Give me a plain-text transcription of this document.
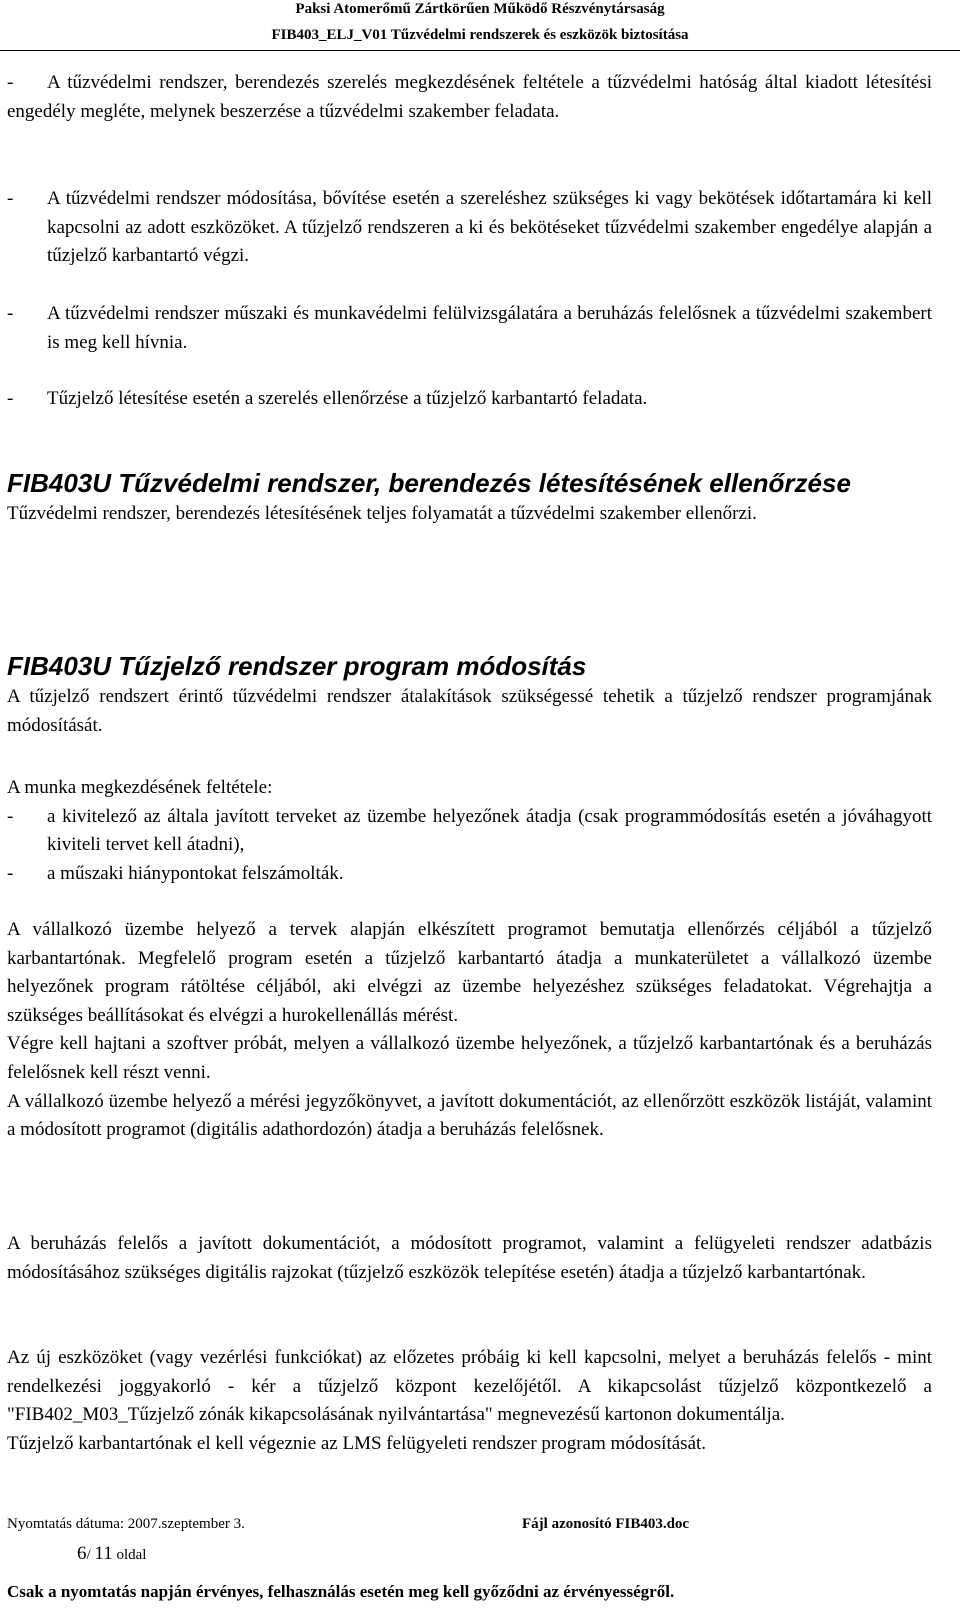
Paksi Atomerőmű Zártkörűen Működő Részvénytársaság
FIB403_ELJ_V01 Tűzvédelmi rendszerek és eszközök biztosítása
-	A tűzvédelmi rendszer, berendezés szerelés megkezdésének feltétele a tűzvédelmi hatóság által kiadott létesítési engedély megléte, melynek beszerzése a tűzvédelmi szakember feladata.
-	A tűzvédelmi rendszer módosítása, bővítése esetén a szereléshez szükséges ki vagy bekötések időtartamára ki kell kapcsolni az adott eszközöket. A tűzjelző rendszeren a ki és bekötéseket tűzvédelmi szakember engedélye alapján a tűzjelző karbantartó végzi.
-	A tűzvédelmi rendszer műszaki és munkavédelmi felülvizsgálatára a beruházás felelősnek a tűzvédelmi szakembert is meg kell hívnia.
-	Tűzjelző létesítése esetén a szerelés ellenőrzése a tűzjelző karbantartó feladata.
FIB403U Tűzvédelmi rendszer, berendezés létesítésének ellenőrzése

Tűzvédelmi rendszer, berendezés létesítésének teljes folyamatát a tűzvédelmi szakember ellenőrzi.

FIB403U Tűzjelző rendszer program módosítás

A tűzjelző rendszert érintő tűzvédelmi rendszer átalakítások szükségessé tehetik a tűzjelző rendszer programjának módosítását.

A munka megkezdésének feltétele:

-	a kivitelező az általa javított terveket az üzembe helyezőnek átadja (csak programmódosítás esetén a jóváhagyott kiviteli tervet kell átadni),
-	a műszaki hiánypontokat felszámolták.

A vállalkozó üzembe helyező a tervek alapján elkészített programot bemutatja ellenőrzés céljából a tűzjelző karbantartónak. Megfelelő program esetén a tűzjelző karbantartó átadja a munkaterületet a vállalkozó üzembe helyezőnek program rátöltése céljából, aki elvégzi az üzembe helyezéshez szükséges feladatokat. Végrehajtja a szükséges beállításokat és elvégzi a hurokellenállás mérést.

Végre kell hajtani a szoftver próbát, melyen a vállalkozó üzembe helyezőnek, a tűzjelző karbantartónak és a beruházás felelősnek kell részt venni.

A vállalkozó üzembe helyező a mérési jegyzőkönyvet, a javított dokumentációt, az ellenőrzött eszközök listáját, valamint a módosított programot (digitális adathordozón) átadja a beruházás felelősnek.

A beruházás felelős a javított dokumentációt, a módosított programot, valamint a felügyeleti rendszer adatbázis módosításához szükséges digitális rajzokat (tűzjelző eszközök telepítése esetén) átadja a tűzjelző karbantartónak.

Az új eszközöket (vagy vezérlési funkciókat) az előzetes próbáig ki kell kapcsolni, melyet a beruházás felelős - mint rendelkezési joggyakorló - kér a tűzjelző központ kezelőjétől. A kikapcsolást tűzjelző központkezelő a "FIB402_M03_Tűzjelző zónák kikapcsolásának nyilvántartása" megnevezésű kartonon dokumentálja.

Tűzjelző karbantartónak el kell végeznie az LMS felügyeleti rendszer program módosítását.

Nyomtatás dátuma: 2007.szeptember 3.	Fájl azonosító FIB403.doc
6/ 11 oldal
Csak a nyomtatás napján érvényes, felhasználás esetén meg kell győződni az érvényességről.
